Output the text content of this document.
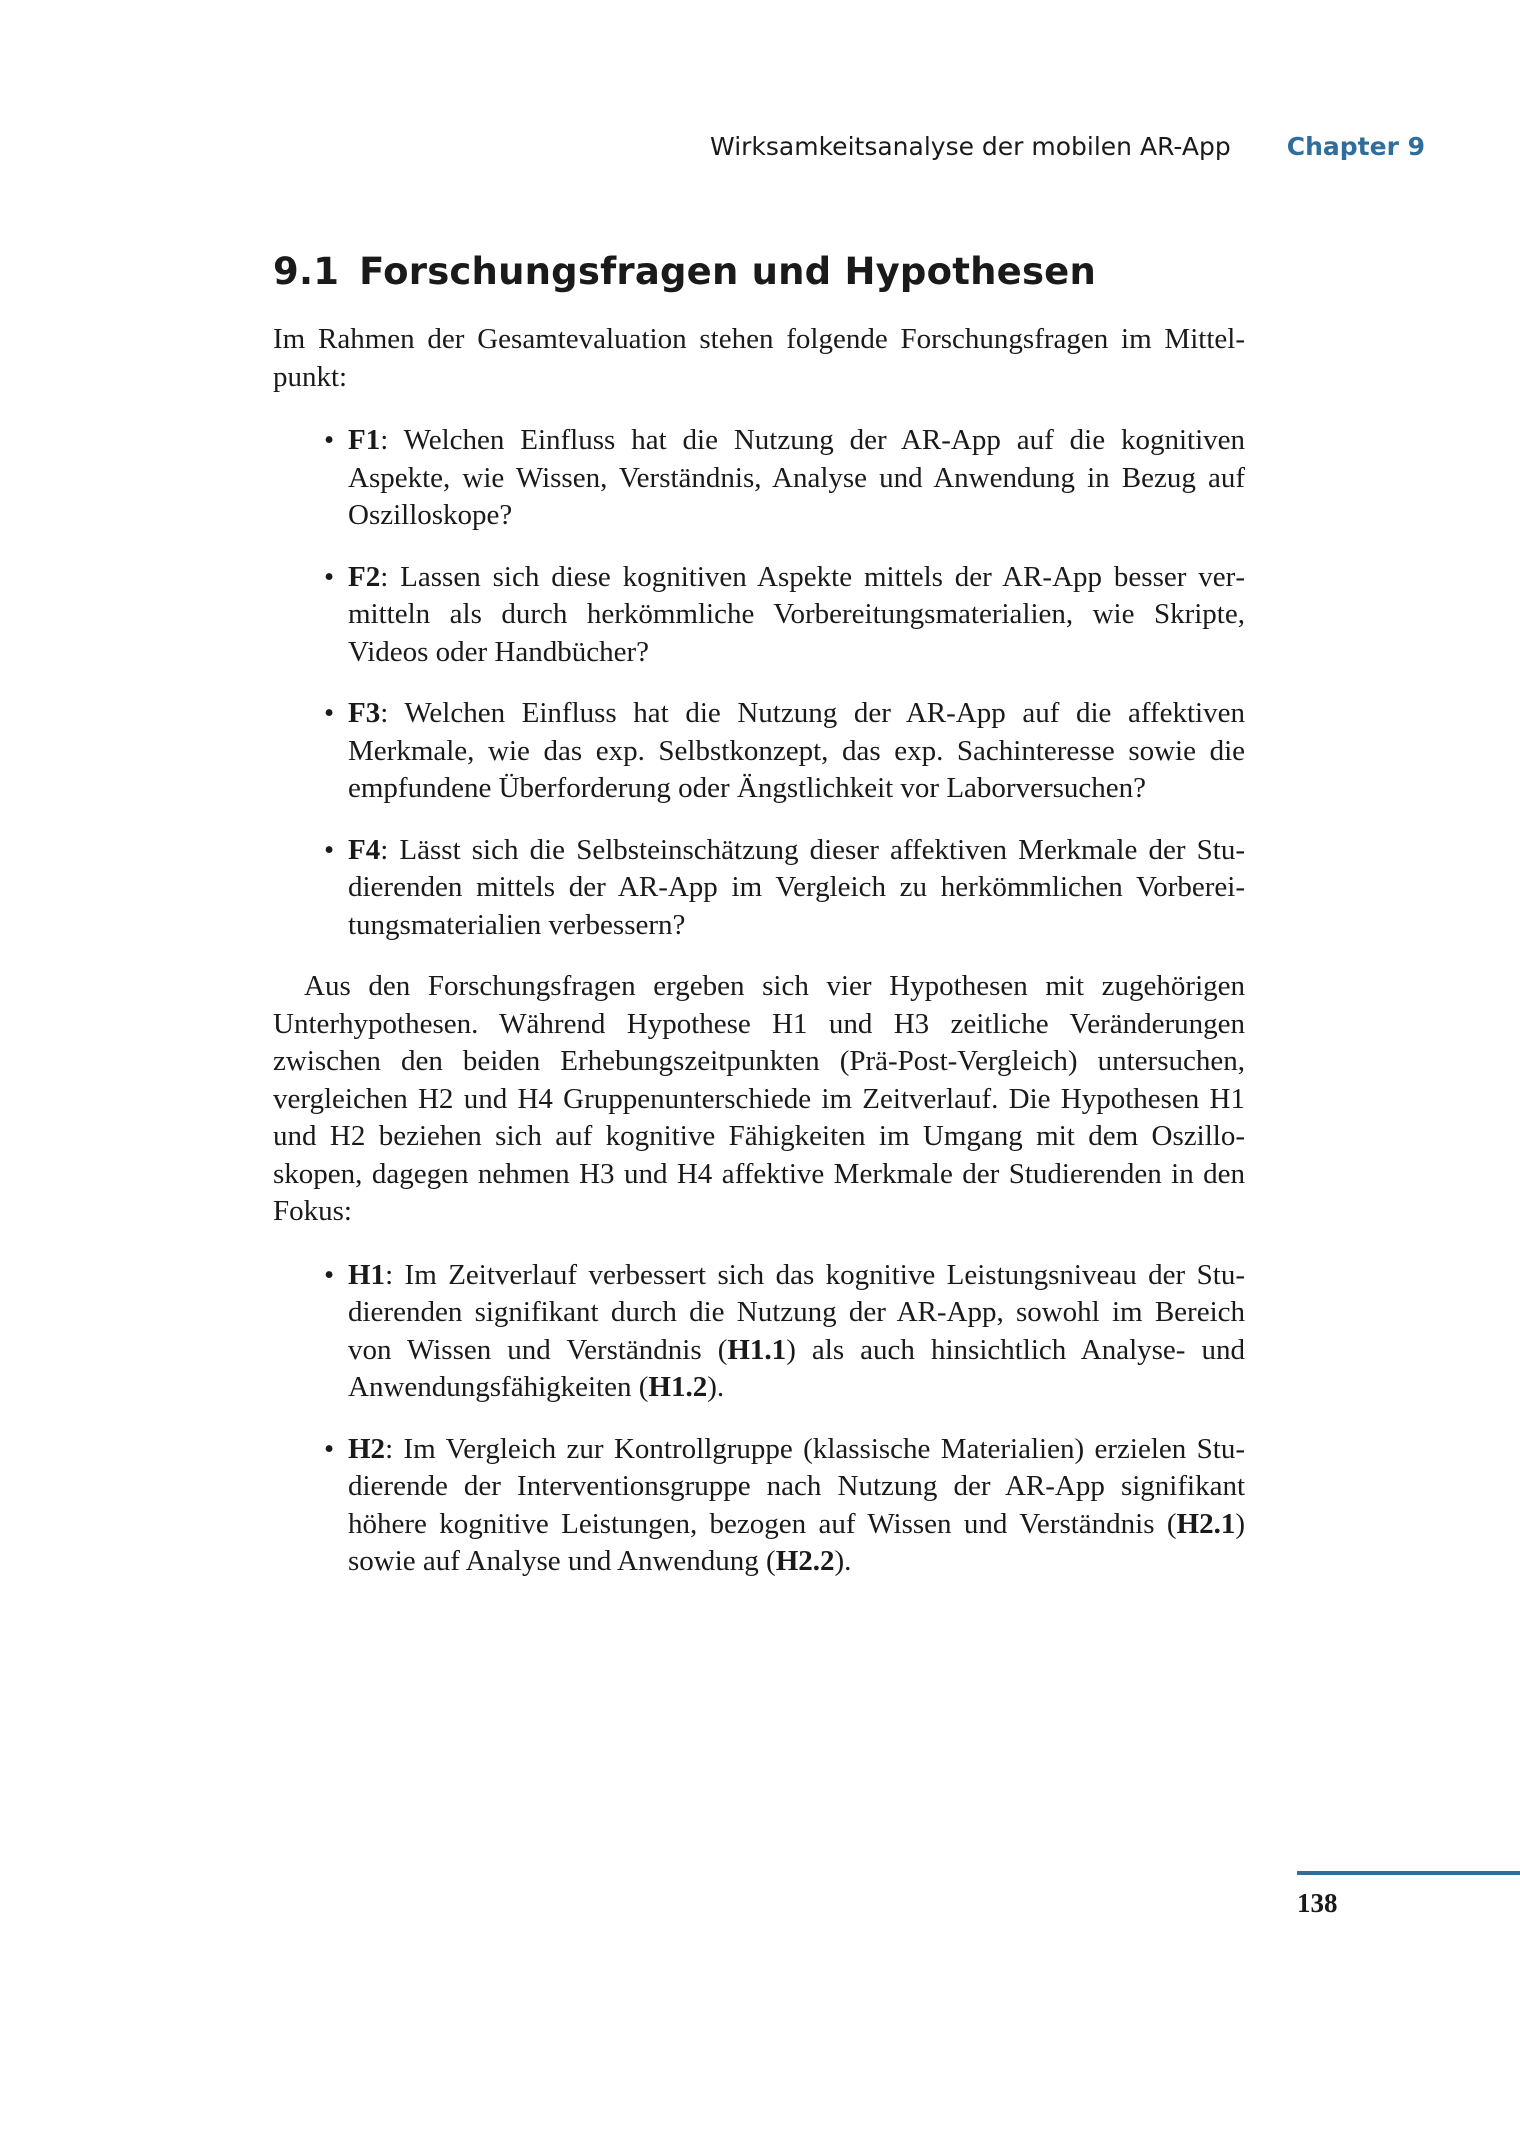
Wirksamkeitsanalyse der mobilen AR-App Chapter 9
9.1 Forschungsfragen und Hypothesen

Im Rahmen der Gesamtevaluation stehen folgende Forschungsfragen im Mittelpunkt:

• F1: Welchen Einfluss hat die Nutzung der AR-App auf die kognitiven Aspekte, wie Wissen, Verständnis, Analyse und Anwendung in Bezug auf Oszilloskope?
• F2: Lassen sich diese kognitiven Aspekte mittels der AR-App besser vermitteln als durch herkömmliche Vorbereitungsmaterialien, wie Skripte, Videos oder Handbücher?
• F3: Welchen Einfluss hat die Nutzung der AR-App auf die affektiven Merkmale, wie das exp. Selbstkonzept, das exp. Sachinteresse sowie die empfundene Überforderung oder Ängstlichkeit vor Laborversuchen?
• F4: Lässt sich die Selbsteinschätzung dieser affektiven Merkmale der Studierenden mittels der AR-App im Vergleich zu herkömmlichen Vorbereitungsmaterialien verbessern?

Aus den Forschungsfragen ergeben sich vier Hypothesen mit zugehörigen Unterhypothesen. Während Hypothese H1 und H3 zeitliche Veränderungen zwischen den beiden Erhebungszeitpunkten (Prä-Post-Vergleich) untersuchen, vergleichen H2 und H4 Gruppenunterschiede im Zeitverlauf. Die Hypothesen H1 und H2 beziehen sich auf kognitive Fähigkeiten im Umgang mit dem Oszilloskopen, dagegen nehmen H3 und H4 affektive Merkmale der Studierenden in den Fokus:

• H1: Im Zeitverlauf verbessert sich das kognitive Leistungsniveau der Studierenden signifikant durch die Nutzung der AR-App, sowohl im Bereich von Wissen und Verständnis (H1.1) als auch hinsichtlich Analyse- und Anwendungsfähigkeiten (H1.2).
• H2: Im Vergleich zur Kontrollgruppe (klassische Materialien) erzielen Studierende der Interventionsgruppe nach Nutzung der AR-App signifikant höhere kognitive Leistungen, bezogen auf Wissen und Verständnis (H2.1) sowie auf Analyse und Anwendung (H2.2).
138
